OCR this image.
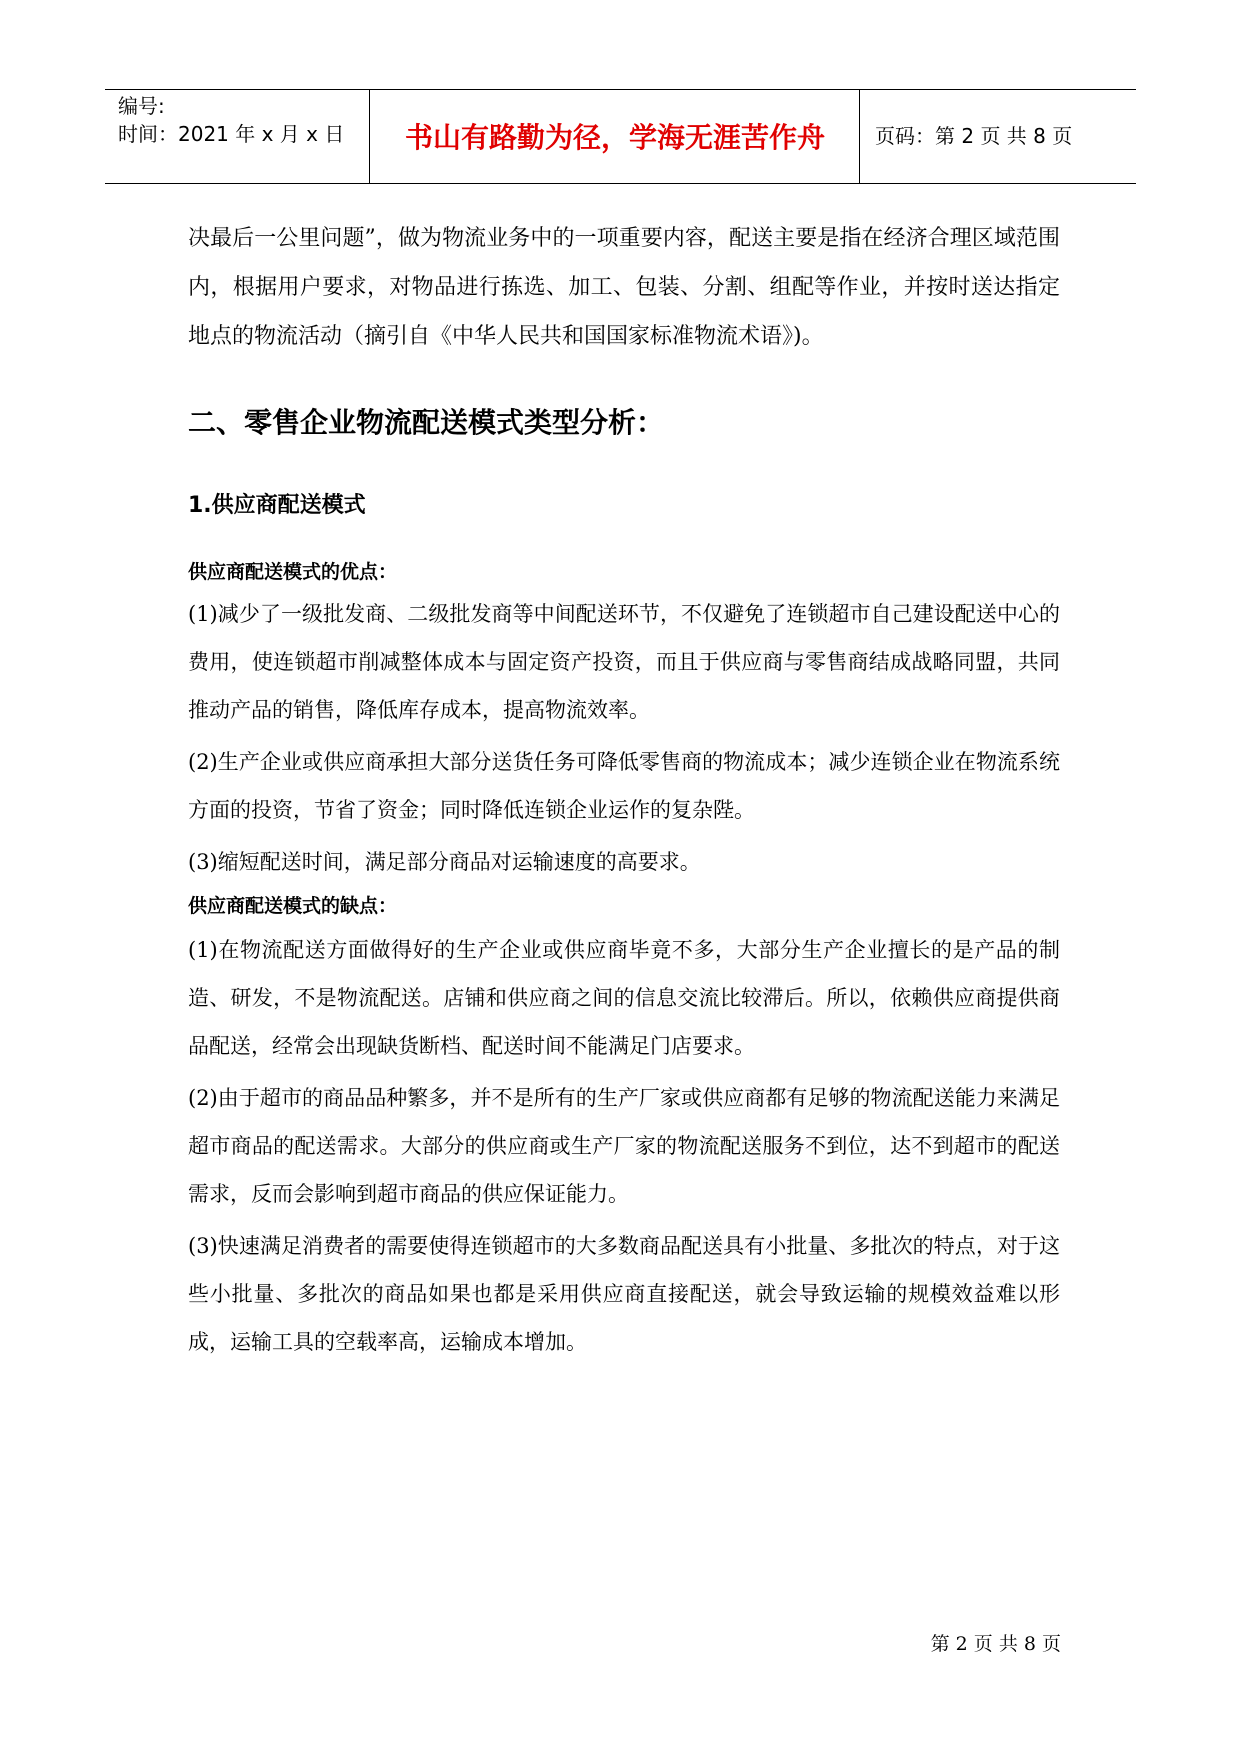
编号:
时间：2021 年 x 月 x 日	书山有路勤为径，学海无涯苦作舟	页码：第 2 页 共 8 页

决最后一公里问题”，做为物流业务中的一项重要内容，配送主要是指在经济合理区域范围内，根据用户要求，对物品进行拣选、加工、包装、分割、组配等作业，并按时送达指定地点的物流活动（摘引自《中华人民共和国国家标准物流术语》)。

二、零售企业物流配送模式类型分析：
1.供应商配送模式
供应商配送模式的优点：

(1)减少了一级批发商、二级批发商等中间配送环节，不仅避免了连锁超市自己建设配送中心的费用，使连锁超市削减整体成本与固定资产投资，而且于供应商与零售商结成战略同盟，共同推动产品的销售，降低库存成本，提高物流效率。

(2)生产企业或供应商承担大部分送货任务可降低零售商的物流成本；减少连锁企业在物流系统方面的投资，节省了资金；同时降低连锁企业运作的复杂陛。

(3)缩短配送时间，满足部分商品对运输速度的高要求。

供应商配送模式的缺点：

(1)在物流配送方面做得好的生产企业或供应商毕竟不多，大部分生产企业擅长的是产品的制造、研发，不是物流配送。店铺和供应商之间的信息交流比较滞后。所以，依赖供应商提供商品配送，经常会出现缺货断档、配送时间不能满足门店要求。

(2)由于超市的商品品种繁多，并不是所有的生产厂家或供应商都有足够的物流配送能力来满足超市商品的配送需求。大部分的供应商或生产厂家的物流配送服务不到位，达不到超市的配送需求，反而会影响到超市商品的供应保证能力。

(3)快速满足消费者的需要使得连锁超市的大多数商品配送具有小批量、多批次的特点，对于这些小批量、多批次的商品如果也都是采用供应商直接配送，就会导致运输的规模效益难以形成，运输工具的空载率高，运输成本增加。

第 2 页 共 8 页
